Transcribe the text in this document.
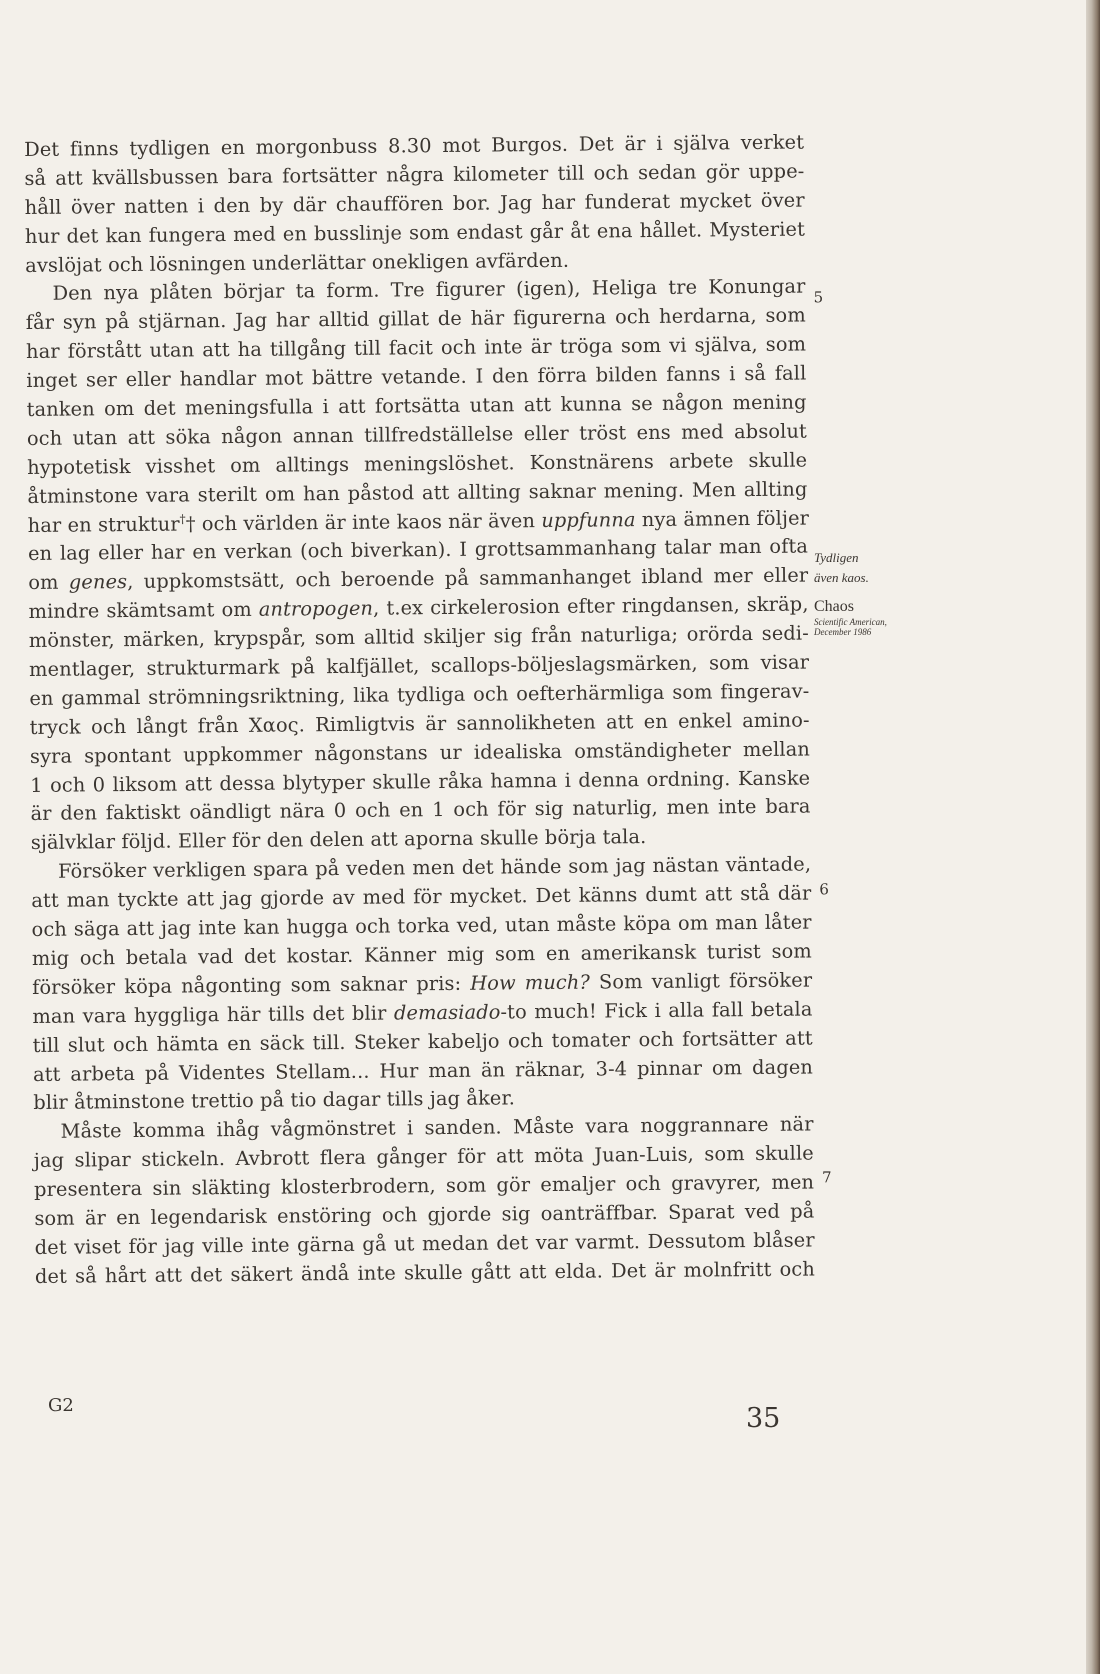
Det finns tydligen en morgonbuss 8.30 mot Burgos. Det är i själva verket
så att kvällsbussen bara fortsätter några kilometer till och sedan gör uppe-
håll över natten i den by där chauffören bor. Jag har funderat mycket över
hur det kan fungera med en busslinje som endast går åt ena hållet. Mysteriet
avslöjat och lösningen underlättar onekligen avfärden.
Den nya plåten börjar ta form. Tre figurer (igen), Heliga tre Konungar
får syn på stjärnan. Jag har alltid gillat de här figurerna och herdarna, som
har förstått utan att ha tillgång till facit och inte är tröga som vi själva, som
inget ser eller handlar mot bättre vetande. I den förra bilden fanns i så fall
tanken om det meningsfulla i att fortsätta utan att kunna se någon mening
och utan att söka någon annan tillfredställelse eller tröst ens med absolut
hypotetisk visshet om alltings meningslöshet. Konstnärens arbete skulle
åtminstone vara sterilt om han påstod att allting saknar mening. Men allting
har en struktur†† och världen är inte kaos när även uppfunna nya ämnen följer
en lag eller har en verkan (och biverkan). I grottsammanhang talar man ofta
om genes, uppkomstsätt, och beroende på sammanhanget ibland mer eller
mindre skämtsamt om antropogen, t.ex cirkelerosion efter ringdansen, skräp,
mönster, märken, krypspår, som alltid skiljer sig från naturliga; orörda sedi-
mentlager, strukturmark på kalfjället, scallops-böljeslagsmärken, som visar
en gammal strömningsriktning, lika tydliga och oefterhärmliga som fingerav-
tryck och långt från Χαος. Rimligtvis är sannolikheten att en enkel amino-
syra spontant uppkommer någonstans ur idealiska omständigheter mellan
1 och 0 liksom att dessa blytyper skulle råka hamna i denna ordning. Kanske
är den faktiskt oändligt nära 0 och en 1 och för sig naturlig, men inte bara
självklar följd. Eller för den delen att aporna skulle börja tala.
Försöker verkligen spara på veden men det hände som jag nästan väntade,
att man tyckte att jag gjorde av med för mycket. Det känns dumt att stå där
och säga att jag inte kan hugga och torka ved, utan måste köpa om man låter
mig och betala vad det kostar. Känner mig som en amerikansk turist som
försöker köpa någonting som saknar pris: How much? Som vanligt försöker
man vara hyggliga här tills det blir demasiado-to much! Fick i alla fall betala
till slut och hämta en säck till. Steker kabeljo och tomater och fortsätter att
att arbeta på Videntes Stellam... Hur man än räknar, 3-4 pinnar om dagen
blir åtminstone trettio på tio dagar tills jag åker.
Måste komma ihåg vågmönstret i sanden. Måste vara noggrannare när
jag slipar stickeln. Avbrott flera gånger för att möta Juan-Luis, som skulle
presentera sin släkting klosterbrodern, som gör emaljer och gravyrer, men
som är en legendarisk enstöring och gjorde sig oanträffbar. Sparat ved på
det viset för jag ville inte gärna gå ut medan det var varmt. Dessutom blåser
det så hårt att det säkert ändå inte skulle gått att elda. Det är molnfritt och
5
6
7
Tydligen
även kaos.
Chaos
Scientific American,
December 1986
G2	35
